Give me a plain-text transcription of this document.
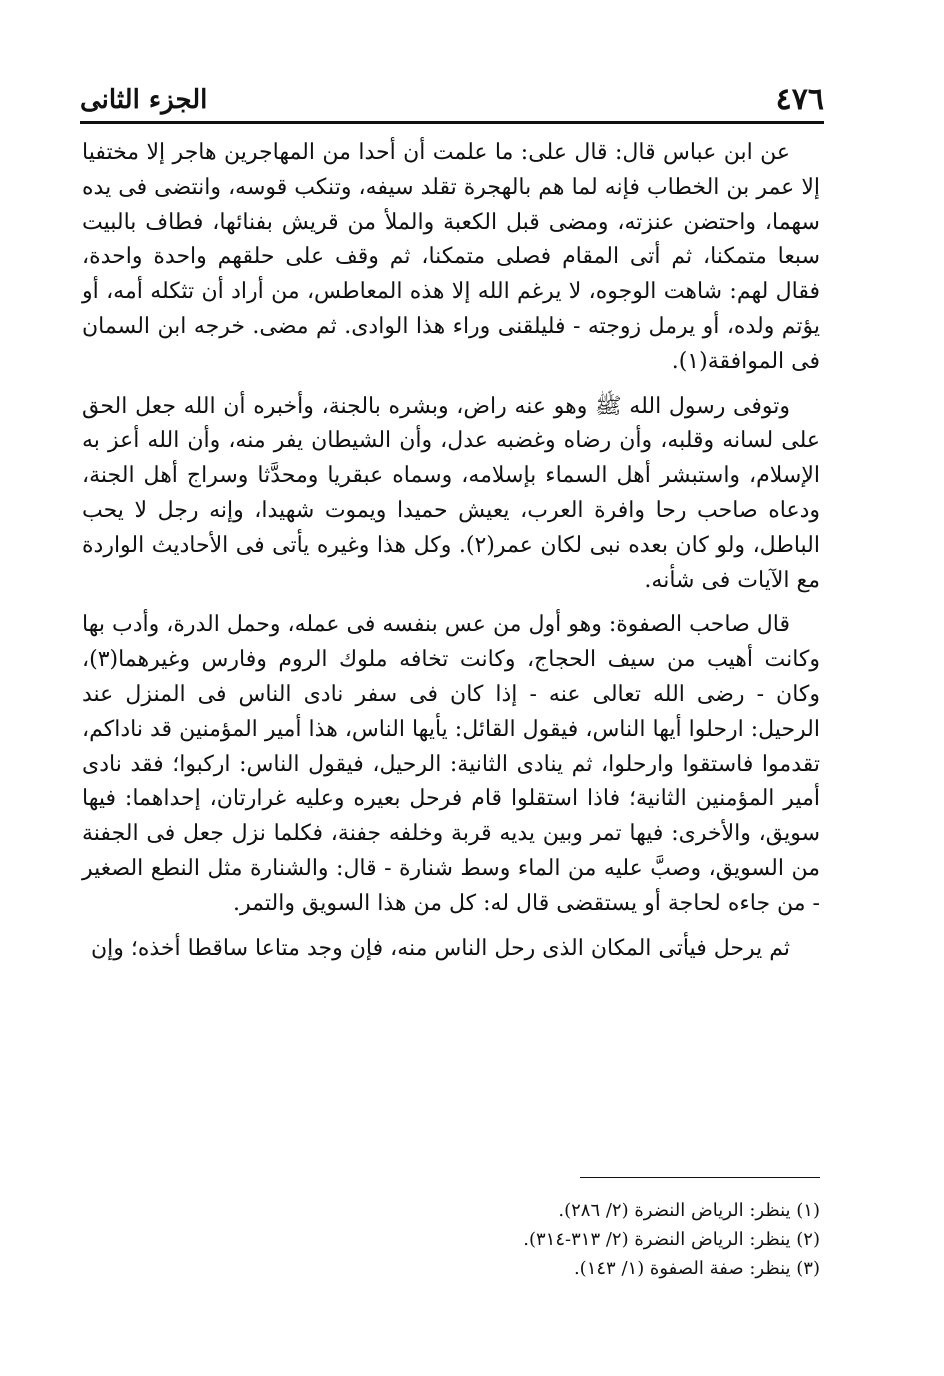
٤٧٦
الجزء الثانى

عن ابن عباس قال: قال على: ما علمت أن أحدا من المهاجرين هاجر إلا مختفيا إلا عمر بن الخطاب فإنه لما هم بالهجرة تقلد سيفه، وتنكب قوسه، وانتضى فى يده سهما، واحتضن عنزته، ومضى قبل الكعبة والملأ من قريش بفنائها، فطاف بالبيت سبعا متمكنا، ثم أتى المقام فصلى متمكنا، ثم وقف على حلقهم واحدة واحدة، فقال لهم: شاهت الوجوه، لا يرغم الله إلا هذه المعاطس، من أراد أن تثكله أمه، أو يؤتم ولده، أو يرمل زوجته - فليلقنى وراء هذا الوادى. ثم مضى. خرجه ابن السمان فى الموافقة(١).

وتوفى رسول الله ﷺ وهو عنه راض، وبشره بالجنة، وأخبره أن الله جعل الحق على لسانه وقلبه، وأن رضاه وغضبه عدل، وأن الشيطان يفر منه، وأن الله أعز به الإسلام، واستبشر أهل السماء بإسلامه، وسماه عبقريا ومحدَّثا وسراج أهل الجنة، ودعاه صاحب رحا وافرة العرب، يعيش حميدا ويموت شهيدا، وإنه رجل لا يحب الباطل، ولو كان بعده نبى لكان عمر(٢). وكل هذا وغيره يأتى فى الأحاديث الواردة مع الآيات فى شأنه.

قال صاحب الصفوة: وهو أول من عس بنفسه فى عمله، وحمل الدرة، وأدب بها وكانت أهيب من سيف الحجاج، وكانت تخافه ملوك الروم وفارس وغيرهما(٣)، وكان - رضى الله تعالى عنه - إذا كان فى سفر نادى الناس فى المنزل عند الرحيل: ارحلوا أيها الناس، فيقول القائل: يأيها الناس، هذا أمير المؤمنين قد ناداكم، تقدموا فاستقوا وارحلوا، ثم ينادى الثانية: الرحيل، فيقول الناس: اركبوا؛ فقد نادى أمير المؤمنين الثانية؛ فاذا استقلوا قام فرحل بعيره وعليه غرارتان، إحداهما: فيها سويق، والأخرى: فيها تمر وبين يديه قربة وخلفه جفنة، فكلما نزل جعل فى الجفنة من السويق، وصبَّ عليه من الماء وسط شنارة - قال: والشنارة مثل النطع الصغير - من جاءه لحاجة أو يستقضى قال له: كل من هذا السويق والتمر.

ثم يرحل فيأتى المكان الذى رحل الناس منه، فإن وجد متاعا ساقطا أخذه؛ وإن

(١) ينظر: الرياض النضرة (٢/ ٢٨٦).
(٢) ينظر: الرياض النضرة (٢/ ٣١٣-٣١٤).
(٣) ينظر: صفة الصفوة (١/ ١٤٣).
